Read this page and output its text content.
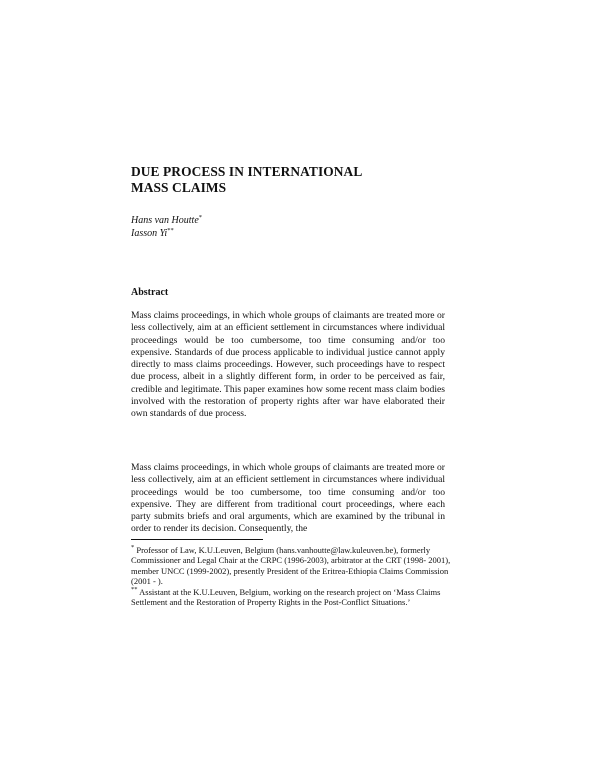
DUE PROCESS IN INTERNATIONAL
MASS CLAIMS
Hans van Houtte*
Iasson Yi**
Abstract

Mass claims proceedings, in which whole groups of claimants are treated more or less collectively, aim at an efficient settlement in circumstances where individual proceedings would be too cumbersome, too time consuming and/or too expensive. Standards of due process applicable to individual justice cannot apply directly to mass claims proceedings. However, such proceedings have to respect due process, albeit in a slightly different form, in order to be perceived as fair, credible and legitimate. This paper examines how some recent mass claim bodies involved with the restoration of property rights after war have elaborated their own standards of due process.

Mass claims proceedings, in which whole groups of claimants are treated more or less collectively, aim at an efficient settlement in circumstances where individual proceedings would be too cumbersome, too time consuming and/or too expensive. They are different from traditional court proceedings, where each party submits briefs and oral arguments, which are examined by the tribunal in order to render its decision. Consequently, the

* Professor of Law, K.U.Leuven, Belgium (hans.vanhoutte@law.kuleuven.be), formerly Commissioner and Legal Chair at the CRPC (1996-2003), arbitrator at the CRT (1998- 2001), member UNCC (1999-2002), presently President of the Eritrea-Ethiopia Claims Commission (2001 - ).

** Assistant at the K.U.Leuven, Belgium, working on the research project on ‘Mass Claims Settlement and the Restoration of Property Rights in the Post-Conflict Situations.’
